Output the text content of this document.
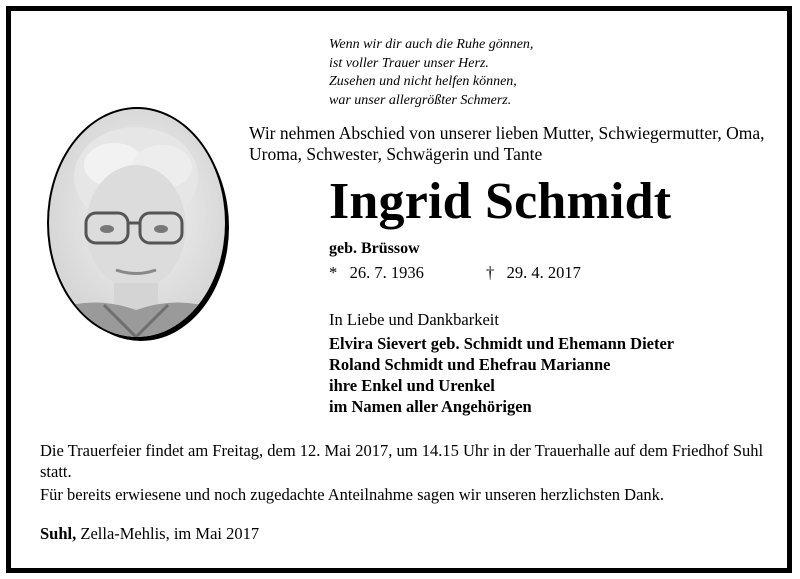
Wenn wir dir auch die Ruhe gönnen,
ist voller Trauer unser Herz.
Zusehen und nicht helfen können,
war unser allergrößter Schmerz.
Wir nehmen Abschied von unserer lieben Mutter, Schwiegermutter, Oma, Uroma, Schwester, Schwägerin und Tante
Ingrid Schmidt
geb. Brüssow
*   26. 7. 1936	†   29. 4. 2017
In Liebe und Dankbarkeit
Elvira Sievert geb. Schmidt und Ehemann Dieter
Roland Schmidt und Ehefrau Marianne
ihre Enkel und Urenkel
im Namen aller Angehörigen
Die Trauerfeier findet am Freitag, dem 12. Mai 2017, um 14.15 Uhr in der Trauerhalle auf dem Friedhof Suhl statt.
Für bereits erwiesene und noch zugedachte Anteilnahme sagen wir unseren herzlichsten Dank.
Suhl, Zella-Mehlis, im Mai 2017
